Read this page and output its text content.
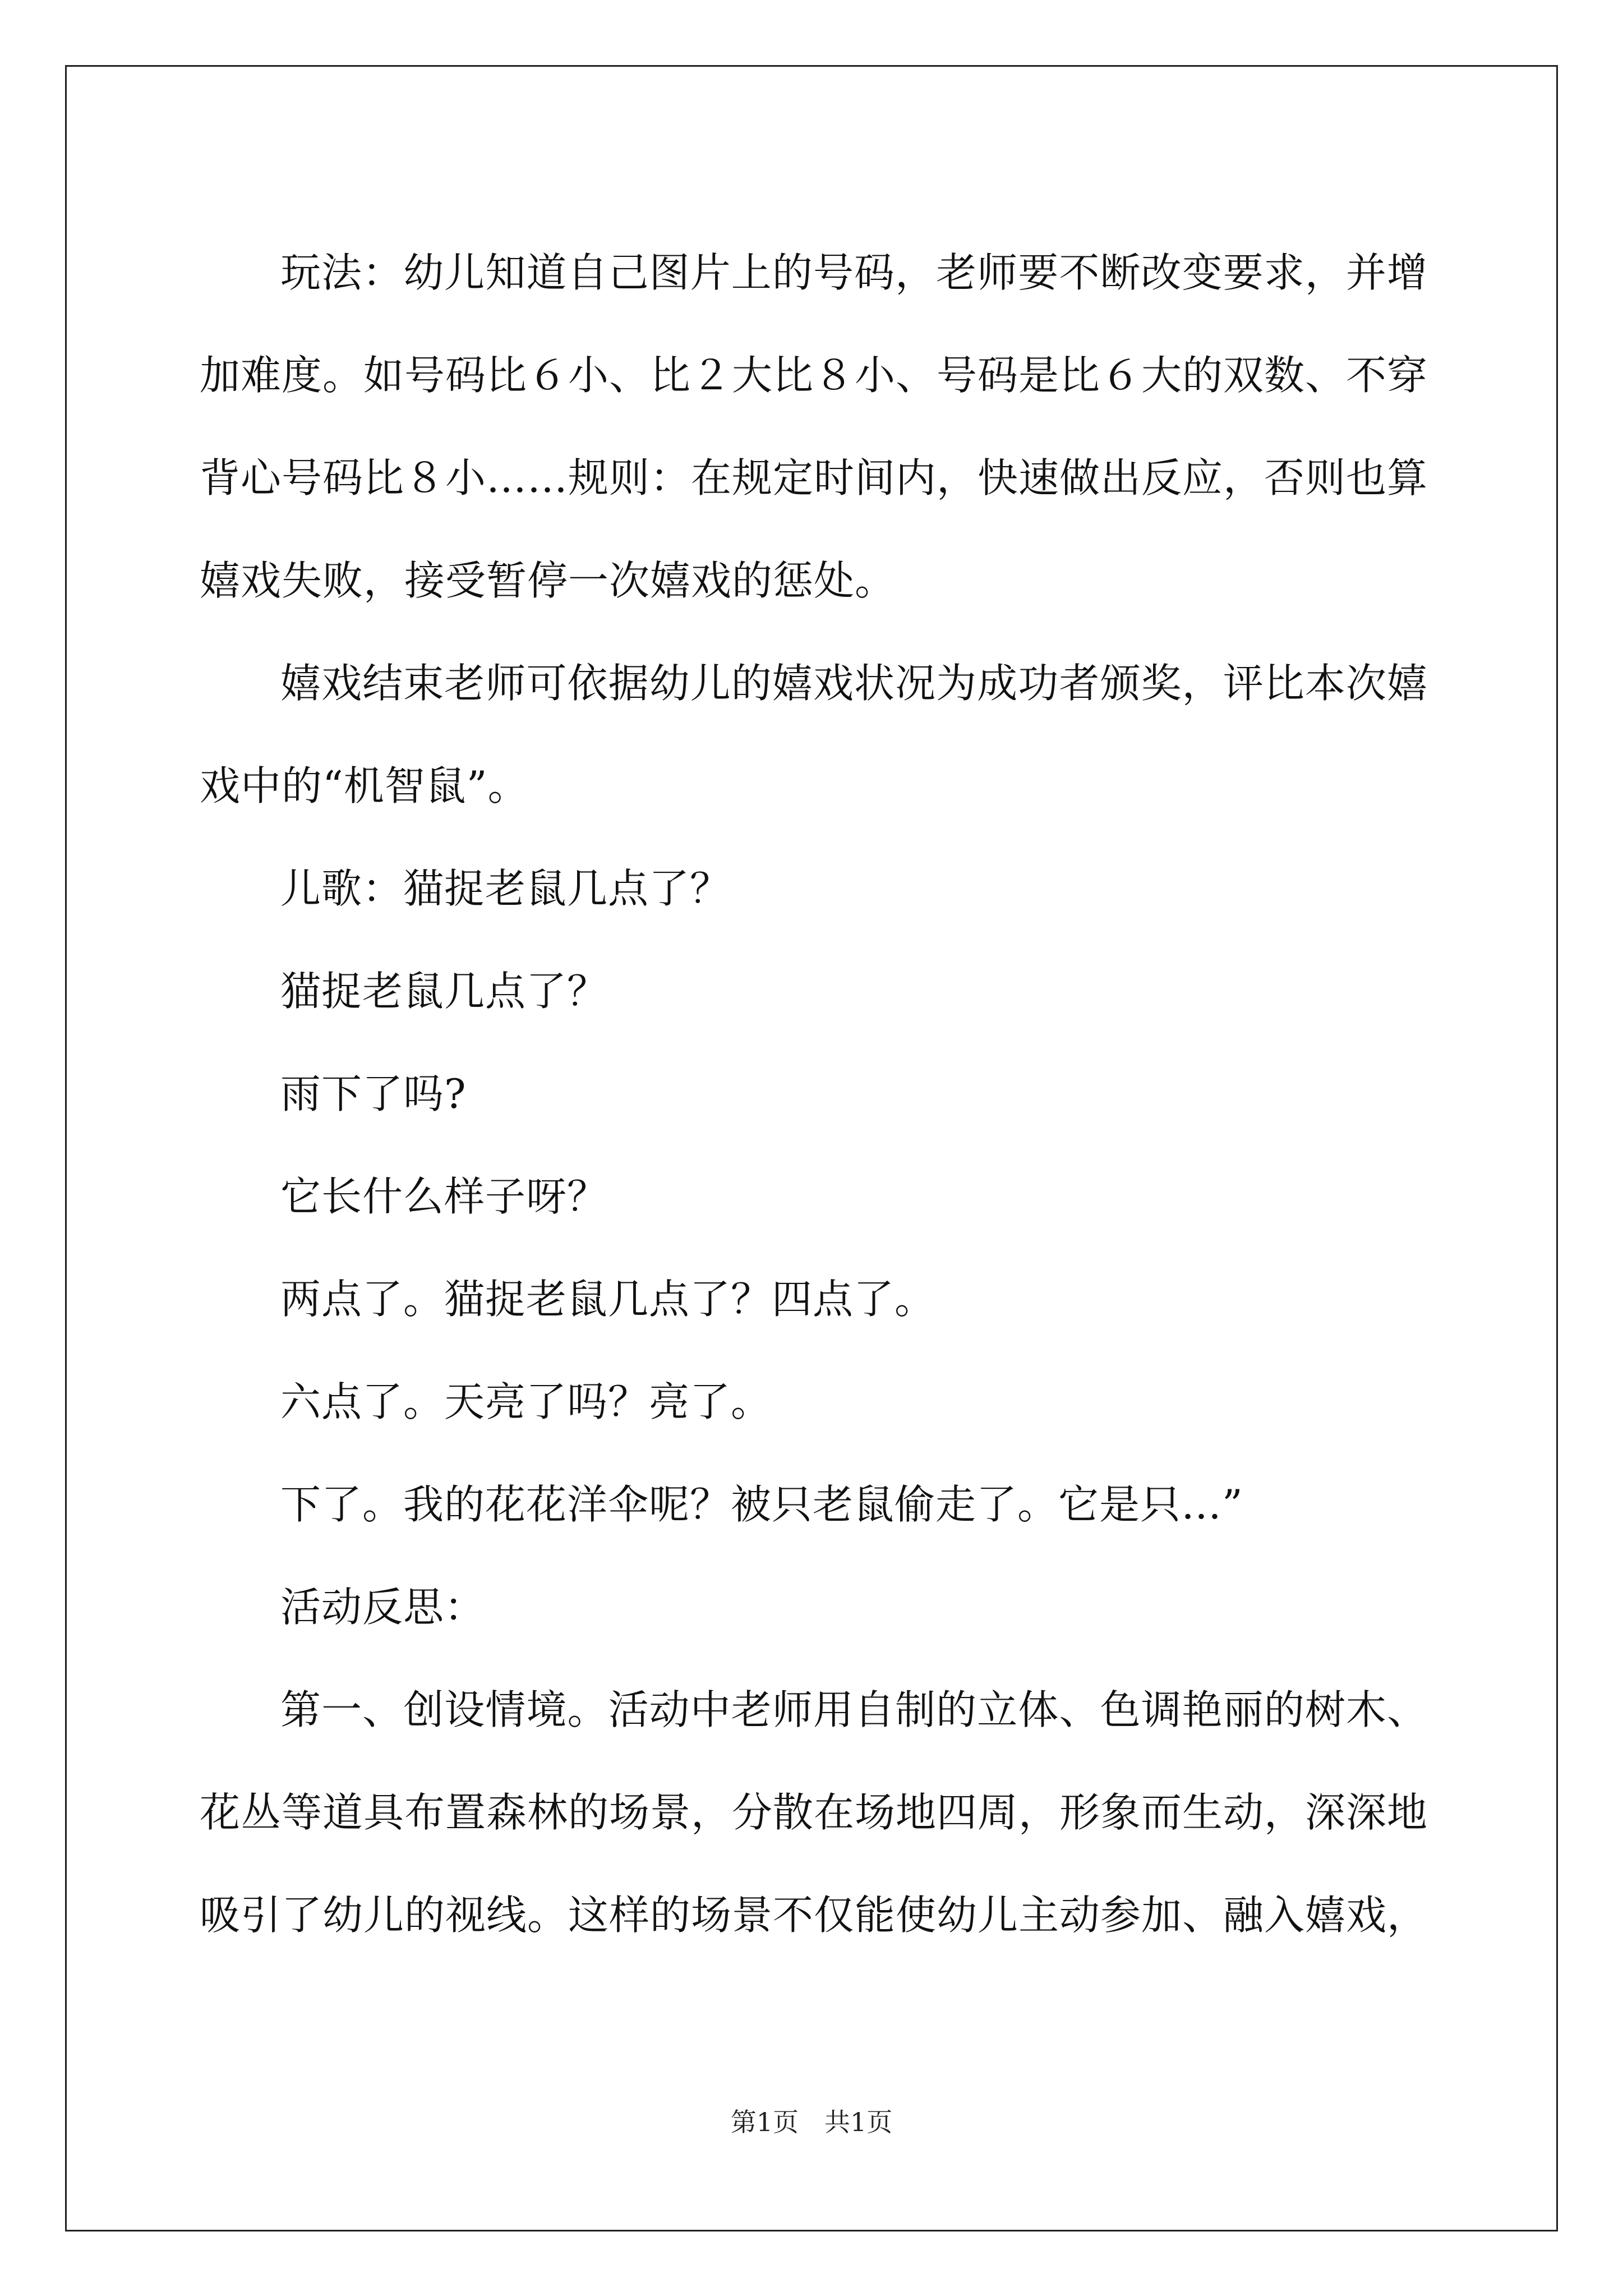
玩法：幼儿知道自己图片上的号码，老师要不断改变要求，并增加难度。如号码比６小、比２大比８小、号码是比６大的双数、不穿背心号码比８小……规则：在规定时间内，快速做出反应，否则也算嬉戏失败，接受暂停一次嬉戏的惩处。

嬉戏结束老师可依据幼儿的嬉戏状况为成功者颁奖，评比本次嬉戏中的“机智鼠”。

儿歌：猫捉老鼠几点了？

猫捉老鼠几点了？

雨下了吗?

它长什么样子呀？

两点了。猫捉老鼠几点了？四点了。

六点了。天亮了吗？亮了。

下了。我的花花洋伞呢？被只老鼠偷走了。它是只…”

活动反思：

第一、创设情境。活动中老师用自制的立体、色调艳丽的树木、花丛等道具布置森林的场景，分散在场地四周，形象而生动，深深地吸引了幼儿的视线。这样的场景不仅能使幼儿主动参加、融入嬉戏，

第1页　共1页
